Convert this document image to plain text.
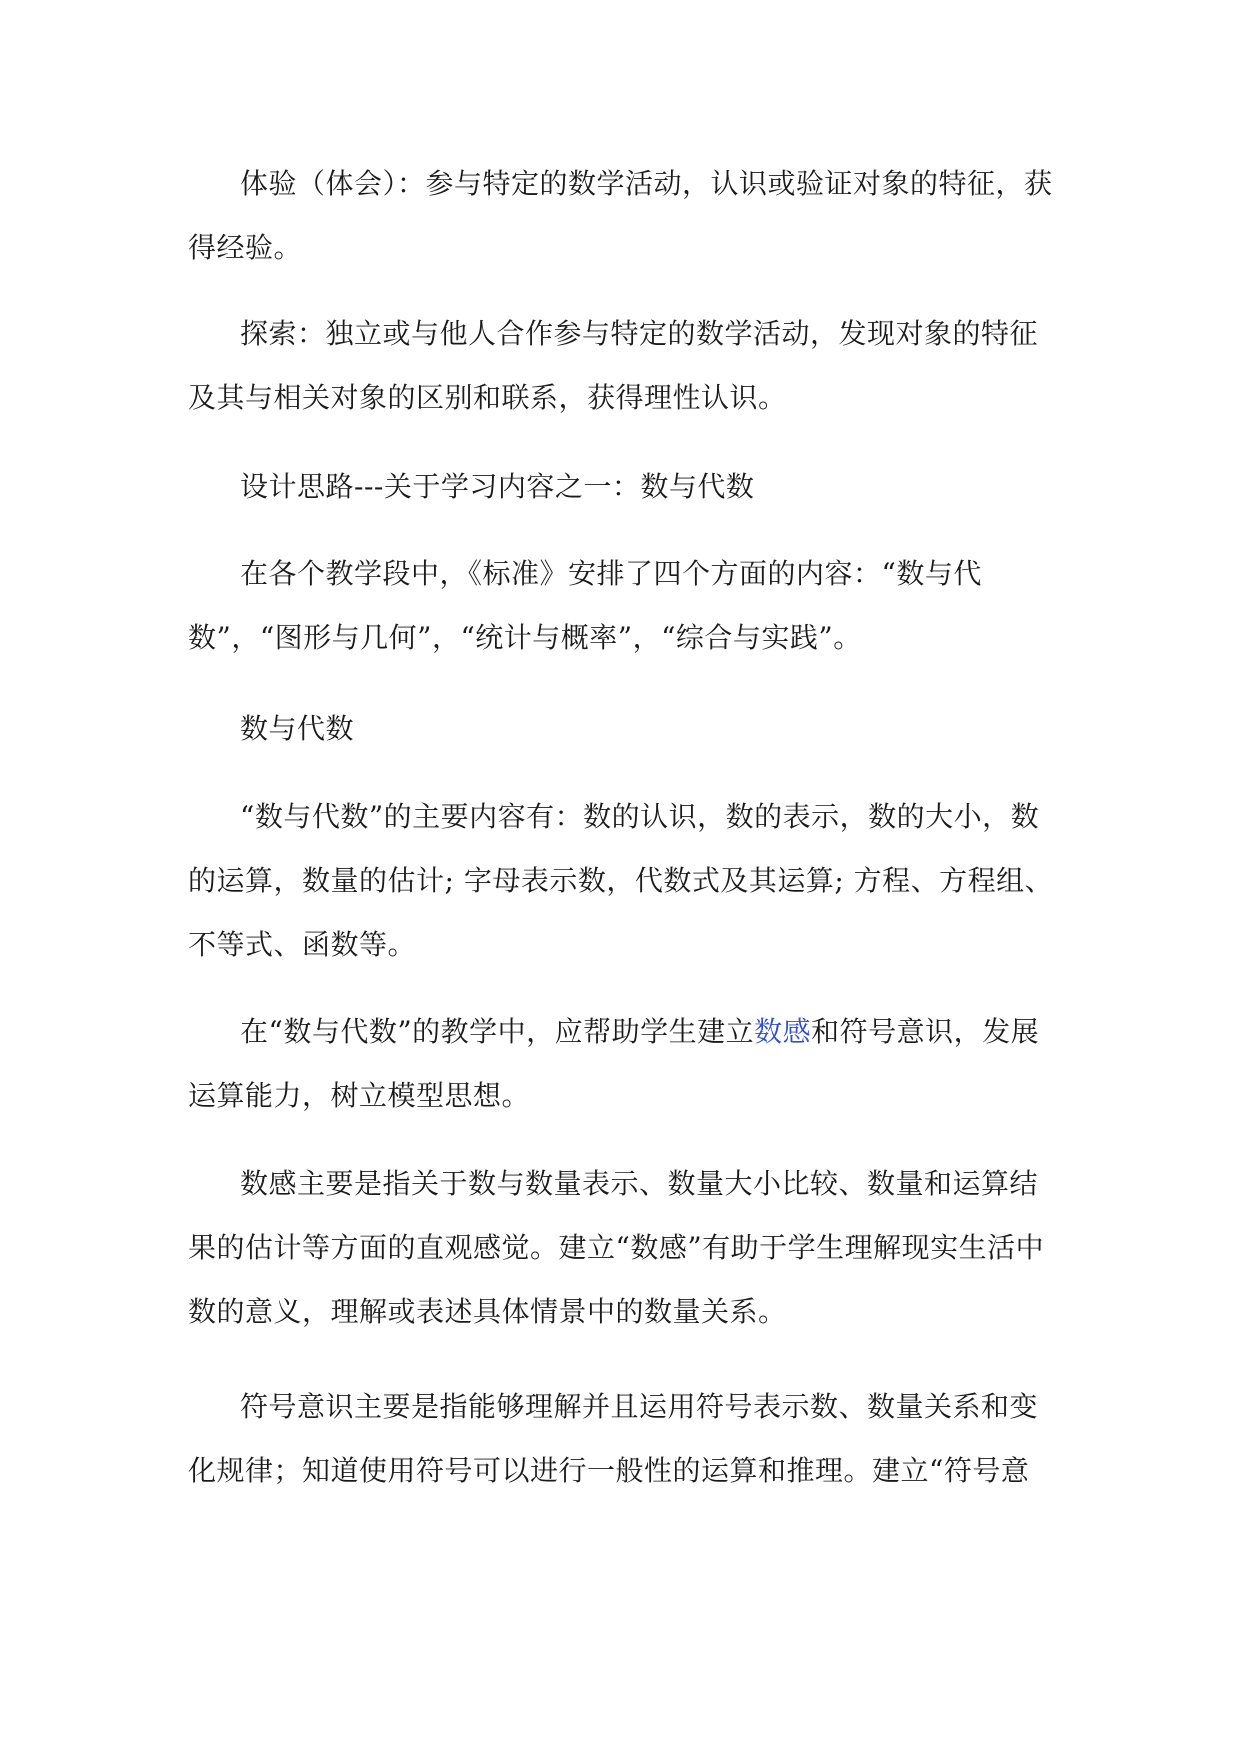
体验（体会）：参与特定的数学活动，认识或验证对象的特征，获得经验。

探索：独立或与他人合作参与特定的数学活动，发现对象的特征及其与相关对象的区别和联系，获得理性认识。

设计思路---关于学习内容之一：数与代数

在各个教学段中，《标准》安排了四个方面的内容：“数与代数”，“图形与几何”，“统计与概率”，“综合与实践”。

数与代数

“数与代数”的主要内容有：数的认识，数的表示，数的大小，数的运算，数量的估计; 字母表示数，代数式及其运算; 方程、方程组、不等式、函数等。

在“数与代数”的教学中，应帮助学生建立数感和符号意识，发展运算能力，树立模型思想。

数感主要是指关于数与数量表示、数量大小比较、数量和运算结果的估计等方面的直观感觉。建立“数感”有助于学生理解现实生活中数的意义，理解或表述具体情景中的数量关系。

符号意识主要是指能够理解并且运用符号表示数、数量关系和变化规律；知道使用符号可以进行一般性的运算和推理。建立“符号意
